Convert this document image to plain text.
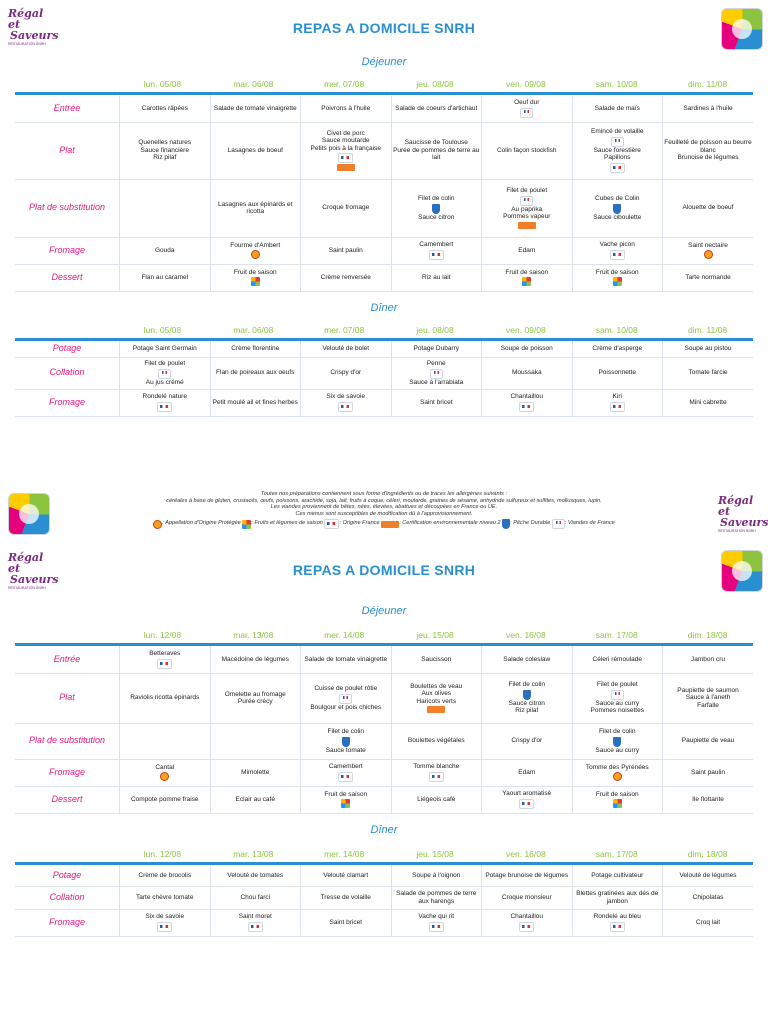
Régal et
Saveurs
RESTAURATION SNRH
REPAS A DOMICILE SNRH
Déjeuner
lun. 05/08	mar. 06/08	mer. 07/08	jeu. 08/08	ven. 09/08	sam. 10/08	dim. 11/08
Entrée	Carottes râpées	Salade de tomate vinaigrette	Poivrons à l'huile	Salade de coeurs d'artichaut	Oeuf dur	Salade de maïs	Sardines à l'huile

Plat	Quenelles natures
Sauce financière
Riz pilaf	Lasagnes de boeuf	Civet de porc
Sauce moutarde
Petits pois à la française	Saucisse de Toulouse
Purée de pommes de terre au lait	Colin façon stockfish	Emincé de volaille
Sauce forestière
Papillons	Feuilleté de poisson au beurre blanc
Brunoise de légumes

Plat de substitution		Lasagnes aux épinards et ricotta	Croque fromage	Filet de colin
Sauce citron	Filet de poulet
Au paprika
Pommes vapeur	Cubes de Colin
Sauce ciboulette	Alouette de boeuf

Fromage	Gouda	Fourme d'Ambert	Saint paulin	Camembert	Edam	Vache picon	Saint nectaire

Dessert	Flan au caramel	Fruit de saison	Crème renversée	Riz au lait	Fruit de saison	Fruit de saison	Tarte normande
Dîner
lun. 05/08	mar. 06/08	mer. 07/08	jeu. 08/08	ven. 09/08	sam. 10/08	dim. 11/08
Potage	Potage Saint Germain	Crème florentine	Velouté de bolet	Potage Dubarry	Soupe de poisson	Crème d'asperge	Soupe au pistou

Collation	Filet de poulet
Au jus crémé	Flan de poireaux aux oeufs	Crispy d'or	Penne
Sauce à l'arrabiata	Moussaka	Poissonnette	Tomate farcie

Fromage	Rondelé nature	Petit moulé ail et fines herbes	Six de savoie	Saint bricet	Chantaillou	Kiri	Mini cabrette
Régal et
Saveurs
RESTAURATION SNRH
Toutes nos préparations contiennent sous forme d'ingrédients ou de traces les allergènes suivants :
céréales à base de gluten, crustacés, œufs, poissons, arachide, soja, lait, fruits à coque, céleri, moutarde, graines de sésame, anhydride sulfureux et sulfites, mollusques, lupin.
Les viandes proviennent de bêtes, nées, élevées, abattues et découpées en France ou UE.
Ces menus sont susceptibles de modification dû à l'approvisionnement.
: Appellation d'Origine Protégée : Fruits et légumes de saison	: Origine France	: Certification environnementale niveau 2 : Pêche Durable	: Viandes de France
Régal et
Saveurs
RESTAURATION SNRH
REPAS A DOMICILE SNRH
Déjeuner
lun. 12/08	mar. 13/08	mer. 14/08	jeu. 15/08	ven. 16/08	sam. 17/08	dim. 18/08
Entrée	Betteraves	Macédoine de légumes	Salade de tomate vinaigrette	Saucisson	Salade coleslaw	Céleri rémoulade	Jambon cru

Plat	Raviolis ricotta épinards	Omelette au fromage
Purée crécy	Cuisse de poulet rôtie
Boulgour et pois chiches	Boulettes de veau
Aux olives
Haricots verts	Filet de colin
Sauce citron
Riz pilaf	Filet de poulet
Sauce au curry
Pommes noisettes	Paupiette de saumon
Sauce à l'aneth
Farfalle

Plat de substitution			Filet de colin
Sauce tomate	Boulettes végétales	Crispy d'or	Filet de colin
Sauce au curry	Paupiette de veau

Fromage	Cantal	Mimolette	Camembert	Tomme blanche	Edam	Tomme des Pyrénées	Saint paulin

Dessert	Compote pomme fraise	Eclair au café	Fruit de saison	Liégeois café	Yaourt aromatisé	Fruit de saison	Ile flottante
Dîner
lun. 12/08	mar. 13/08	mer. 14/08	jeu. 15/08	ven. 16/08	sam. 17/08	dim. 18/08
Potage	Crème de brocolis	Velouté de tomates	Velouté clamart	Soupe à l'oignon	Potage brunoise de légumes	Potage cultivateur	Velouté de légumes

Collation	Tarte chèvre tomate	Chou farci	Tresse de volaille	Salade de pommes de terre aux harengs	Croque monsieur	Blettes gratinées aux dés de jambon	Chipolatas

Fromage	Six de savoie	Saint moret	Saint bricet	Vache qui rit	Chantaillou	Rondelé au bleu	Croq lait
